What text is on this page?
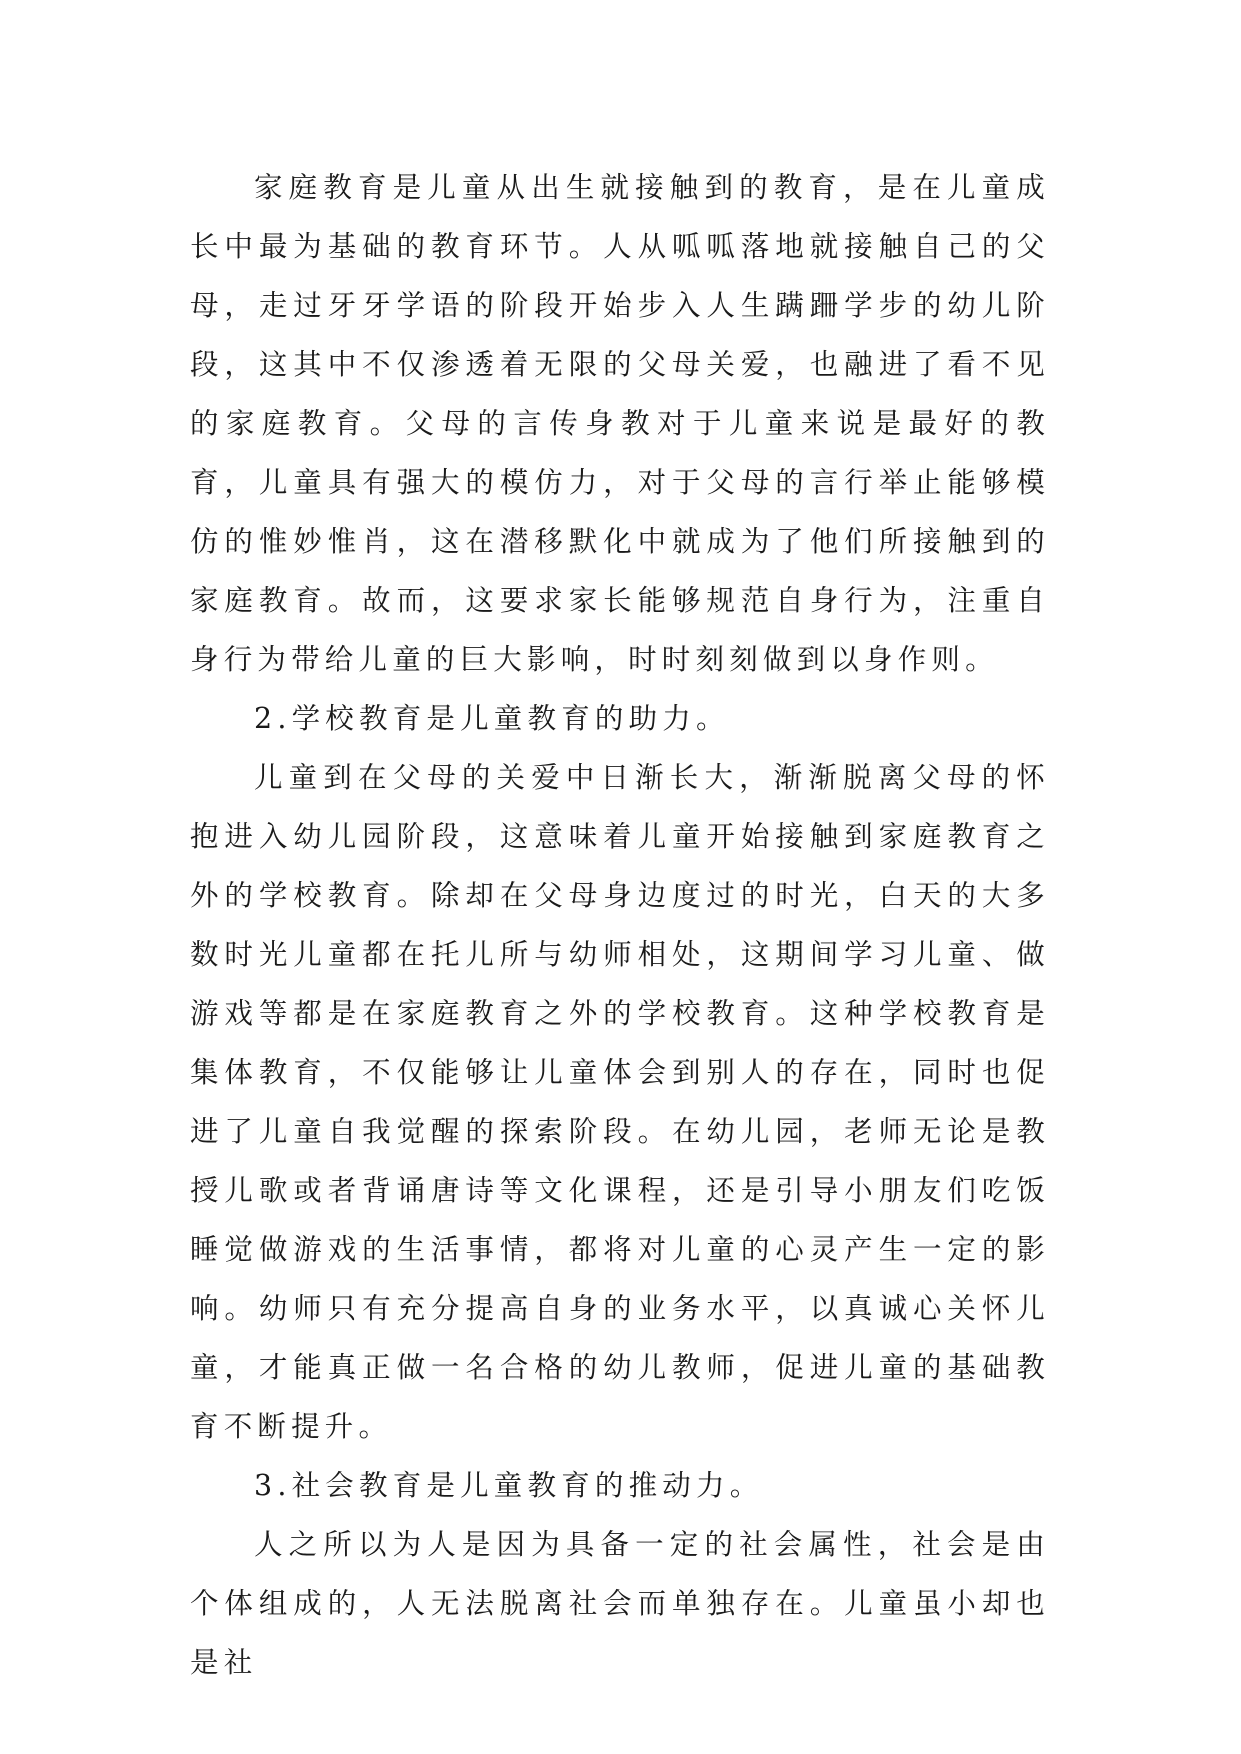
家庭教育是儿童从出生就接触到的教育，是在儿童成长中最为基础的教育环节。人从呱呱落地就接触自己的父母，走过牙牙学语的阶段开始步入人生蹒跚学步的幼儿阶段，这其中不仅渗透着无限的父母关爱，也融进了看不见的家庭教育。父母的言传身教对于儿童来说是最好的教育，儿童具有强大的模仿力，对于父母的言行举止能够模仿的惟妙惟肖，这在潜移默化中就成为了他们所接触到的家庭教育。故而，这要求家长能够规范自身行为，注重自身行为带给儿童的巨大影响，时时刻刻做到以身作则。

2.学校教育是儿童教育的助力。

儿童到在父母的关爱中日渐长大，渐渐脱离父母的怀抱进入幼儿园阶段，这意味着儿童开始接触到家庭教育之外的学校教育。除却在父母身边度过的时光，白天的大多数时光儿童都在托儿所与幼师相处，这期间学习儿童、做游戏等都是在家庭教育之外的学校教育。这种学校教育是集体教育，不仅能够让儿童体会到别人的存在，同时也促进了儿童自我觉醒的探索阶段。在幼儿园，老师无论是教授儿歌或者背诵唐诗等文化课程，还是引导小朋友们吃饭睡觉做游戏的生活事情，都将对儿童的心灵产生一定的影响。幼师只有充分提高自身的业务水平，以真诚心关怀儿童，才能真正做一名合格的幼儿教师，促进儿童的基础教育不断提升。

3.社会教育是儿童教育的推动力。

人之所以为人是因为具备一定的社会属性，社会是由个体组成的，人无法脱离社会而单独存在。儿童虽小却也是社
